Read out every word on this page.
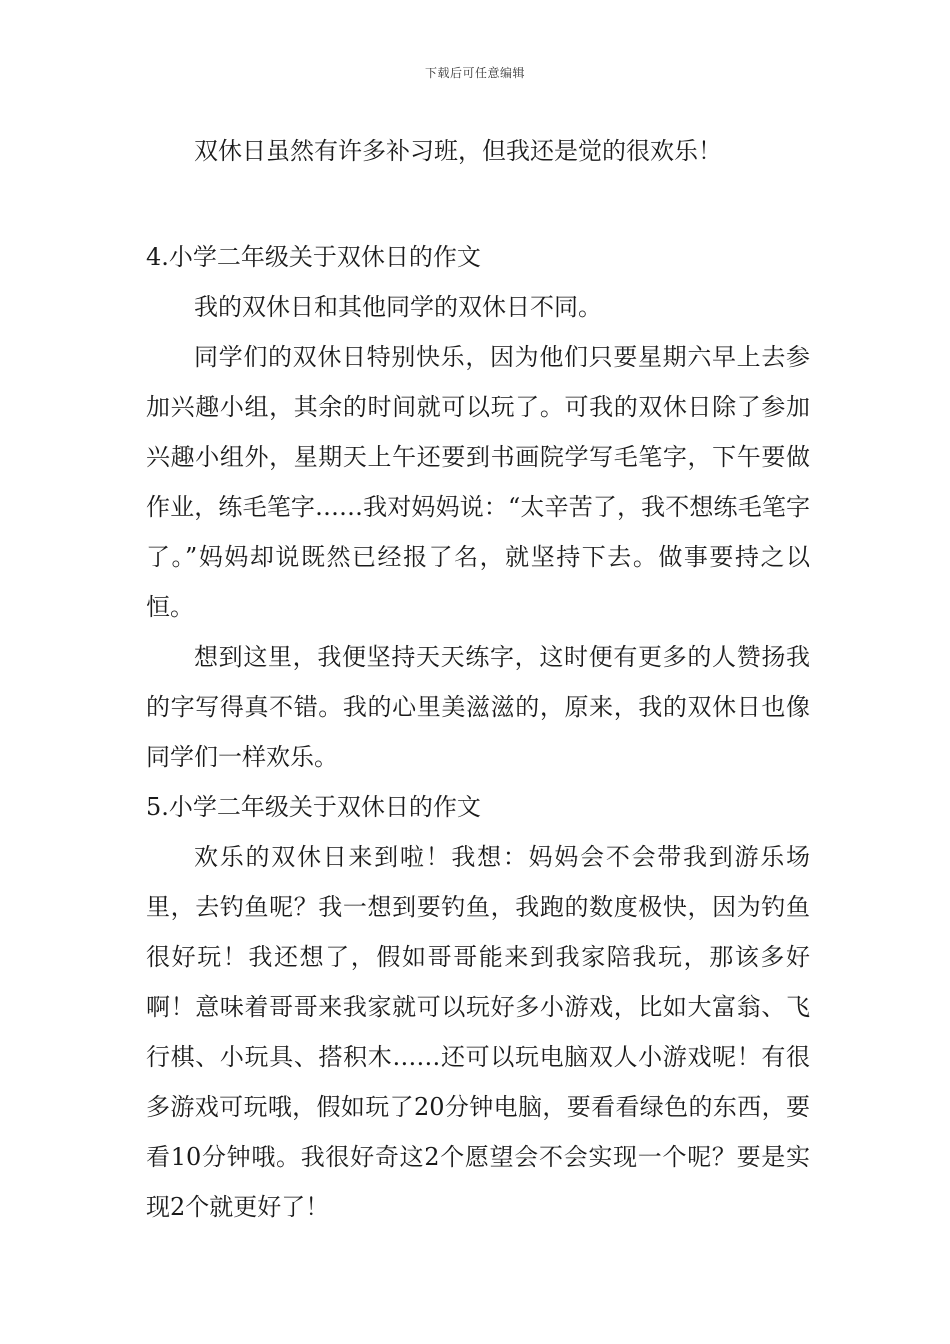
下载后可任意编辑

双休日虽然有许多补习班，但我还是觉的很欢乐！

4.小学二年级关于双休日的作文

我的双休日和其他同学的双休日不同。

同学们的双休日特别快乐，因为他们只要星期六早上去参加兴趣小组，其余的时间就可以玩了。可我的双休日除了参加兴趣小组外，星期天上午还要到书画院学写毛笔字，下午要做作业，练毛笔字……我对妈妈说：“太辛苦了，我不想练毛笔字了。”妈妈却说既然已经报了名，就坚持下去。做事要持之以恒。

想到这里，我便坚持天天练字，这时便有更多的人赞扬我的字写得真不错。我的心里美滋滋的，原来，我的双休日也像同学们一样欢乐。

5.小学二年级关于双休日的作文

欢乐的双休日来到啦！我想：妈妈会不会带我到游乐场里，去钓鱼呢？我一想到要钓鱼，我跑的数度极快，因为钓鱼很好玩！我还想了，假如哥哥能来到我家陪我玩，那该多好啊！意味着哥哥来我家就可以玩好多小游戏，比如大富翁、飞行棋、小玩具、搭积木……还可以玩电脑双人小游戏呢！有很多游戏可玩哦，假如玩了20分钟电脑，要看看绿色的东西，要看10分钟哦。我很好奇这2个愿望会不会实现一个呢？要是实现2个就更好了！
